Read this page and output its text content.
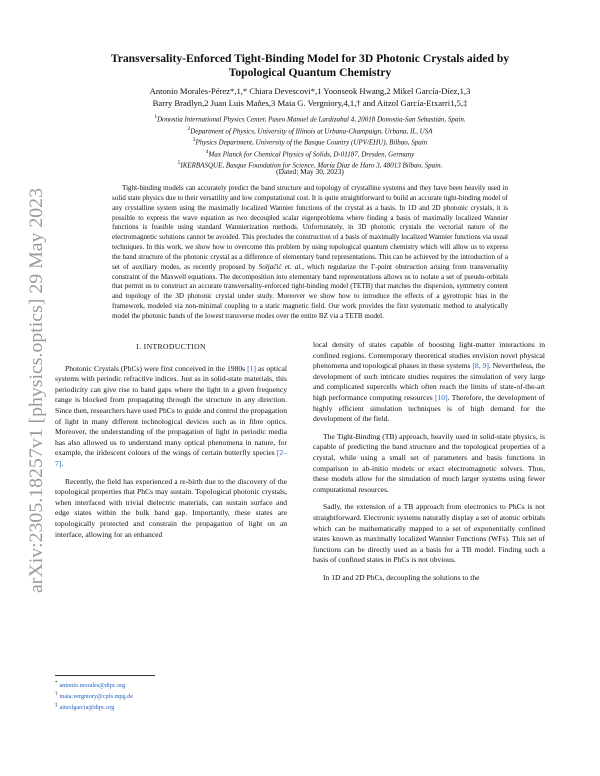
arXiv:2305.18257v1 [physics.optics] 29 May 2023
Transversality-Enforced Tight-Binding Model for 3D Photonic Crystals aided by
Topological Quantum Chemistry
Antonio Morales-Pérez*,1,* Chiara Devescovi*,1 Yoonseok Hwang,2 Mikel García-Díez,1,3
Barry Bradlyn,2 Juan Luis Mañes,3 Maia G. Vergniory,4,1,† and Aitzol García-Etxarri1,5,‡
$^1$Donostia International Physics Center, Paseo Manuel de Lardizabal 4, 20018 Donostia-San Sebastián, Spain.
$^2$Department of Physics, University of Illinois at Urbana-Champaign, Urbana, IL, USA
$^3$Physics Department, University of the Basque Country (UPV/EHU), Bilbao, Spain
$^4$Max Planck for Chemical Physics of Solids, D-01187, Dresden, Germany
$^5$IKERBASQUE, Basque Foundation for Science, María Díaz de Haro 3, 48013 Bilbao, Spain.
(Dated: May 30, 2023)
Tight-binding models can accurately predict the band structure and topology of crystalline systems and they have been heavily used in solid state physics due to their versatility and low computational cost. It is quite straightforward to build an accurate tight-binding model of any crystalline system using the maximally localized Wannier functions of the crystal as a basis. In 1D and 2D photonic crystals, it is possible to express the wave equation as two decoupled scalar eigenproblems where finding a basis of maximally localized Wannier functions is feasible using standard Wannierization methods. Unfortunately, in 3D photonic crystals the vectorial nature of the electromagnetic solutions cannot be avoided. This precludes the construction of a basis of maximally localized Wannier functions via usual techniques. In this work, we show how to overcome this problem by using topological quantum chemistry which will allow us to express the band structure of the photonic crystal as a difference of elementary band representations. This can be achieved by the introduction of a set of auxiliary modes, as recently proposed by Soljačić et. al., which regularize the Γ-point obstruction arising from transversality constraint of the Maxwell equations. The decomposition into elementary band representations allows us to isolate a set of pseudo-orbitals that permit us to construct an accurate transversality-enforced tight-binding model (TETB) that matches the dispersion, symmetry content and topology of the 3D photonic crystal under study. Moreover we show how to introduce the effects of a gyrotropic bias in the framework, modeled via non-minimal coupling to a static magnetic field. Our work provides the first systematic method to analytically model the photonic bands of the lowest transverse modes over the entire BZ via a TETB model.
I. INTRODUCTION

Photonic Crystals (PhCs) were first conceived in the 1980s [1] as optical systems with periodic refractive indices. Just as in solid-state materials, this periodicity can give rise to band gaps where the light in a given frequency range is blocked from propagating through the structure in any direction. Since then, researchers have used PhCs to guide and control the propagation of light in many different technological devices such as in fibre optics. Moreover, the understanding of the propagation of light in periodic media has also allowed us to understand many optical phenomena in nature, for example, the iridescent colours of the wings of certain butterfly species [2–7].

Recently, the field has experienced a re-birth due to the discovery of the topological properties that PhCs may sustain. Topological photonic crystals, when interfaced with trivial dielectric materials, can sustain surface and edge states within the bulk band gap. Importantly, these states are topologically protected and constrain the propagation of light on an interface, allowing for an enhanced

local density of states capable of boosting light-matter interactions in confined regions. Contemporary theoretical studies envision novel physical phenomena and topological phases in these systems [8, 9]. Nevertheless, the development of such intricate studies requires the simulation of very large and complicated supercells which often reach the limits of state-of-the-art high performance computing resources [10]. Therefore, the development of highly efficient simulation techniques is of high demand for the development of the field.

The Tight-Binding (TB) approach, heavily used in solid-state physics, is capable of predicting the band structure and the topological properties of a crystal, while using a small set of parameters and basis functions in comparison to ab-initio models or exact electromagnetic solvers. Thus, these models allow for the simulation of much larger systems using fewer computational resources.

Sadly, the extension of a TB approach from electronics to PhCs is not straightforward. Electronic systems naturally display a set of atomic orbitals which can be mathematically mapped to a set of exponentially confined states known as maximally localized Wannier Functions (WFs). This set of functions can be directly used as a basis for a TB model. Finding such a basis of confined states in PhCs is not obvious.

In 1D and 2D PhCs, decoupling the solutions to the

* antonio.morales@dipc.org
† maia.vergniory@cpfs.mpg.de
‡ aitzolgarcia@dipc.org
